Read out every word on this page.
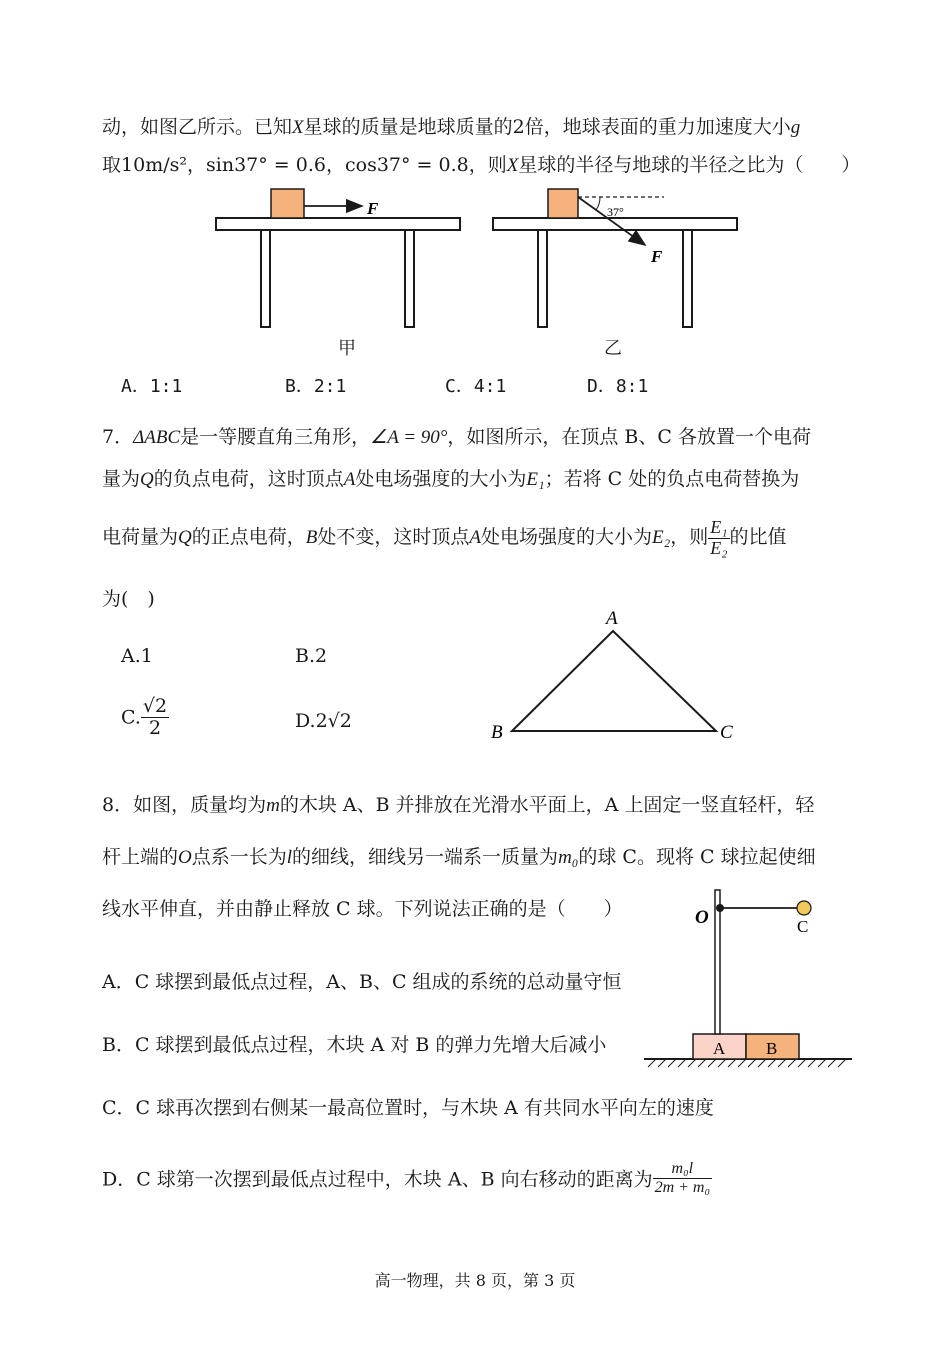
动，如图乙所示。已知X星球的质量是地球质量的2倍，地球表面的重力加速度大小g
取10m/s²，sin37° = 0.6，cos37° = 0.8，则X星球的半径与地球的半径之比为（　　）
F	37°
F
A
B	C
A B
O	C
甲	乙
A．1:1	B．2:1	C．4:1	D．8:1
7．ΔABC是一等腰直角三角形，∠A = 90°，如图所示，在顶点 B、C 各放置一个电荷
量为Q的负点电荷，这时顶点A处电场强度的大小为E₁；若将 C 处的负点电荷替换为
电荷量为Q的正点电荷，B处不变，这时顶点A处电场强度的大小为E₂，则 $\frac{\text{E₁}}{\text{E₂}}$ 的比值
为(　)
A.1	B.2
C. $\frac{√2}{2}$	D.2√2
8．如图，质量均为m的木块 A、B 并排放在光滑水平面上，A 上固定一竖直轻杆，轻
杆上端的O点系一长为l的细线，细线另一端系一质量为m₀的球 C。现将 C 球拉起使细
线水平伸直，并由静止释放 C 球。下列说法正确的是（　　）
A．C 球摆到最低点过程，A、B、C 组成的系统的总动量守恒
B．C 球摆到最低点过程，木块 A 对 B 的弹力先增大后减小
C．C 球再次摆到右侧某一最高位置时，与木块 A 有共同水平向左的速度
D．C 球第一次摆到最低点过程中，木块 A、B 向右移动的距离为 $\frac{\text{m₀l}}{\text{2m + m₀}}$
高一物理，共 8 页，第 3 页
